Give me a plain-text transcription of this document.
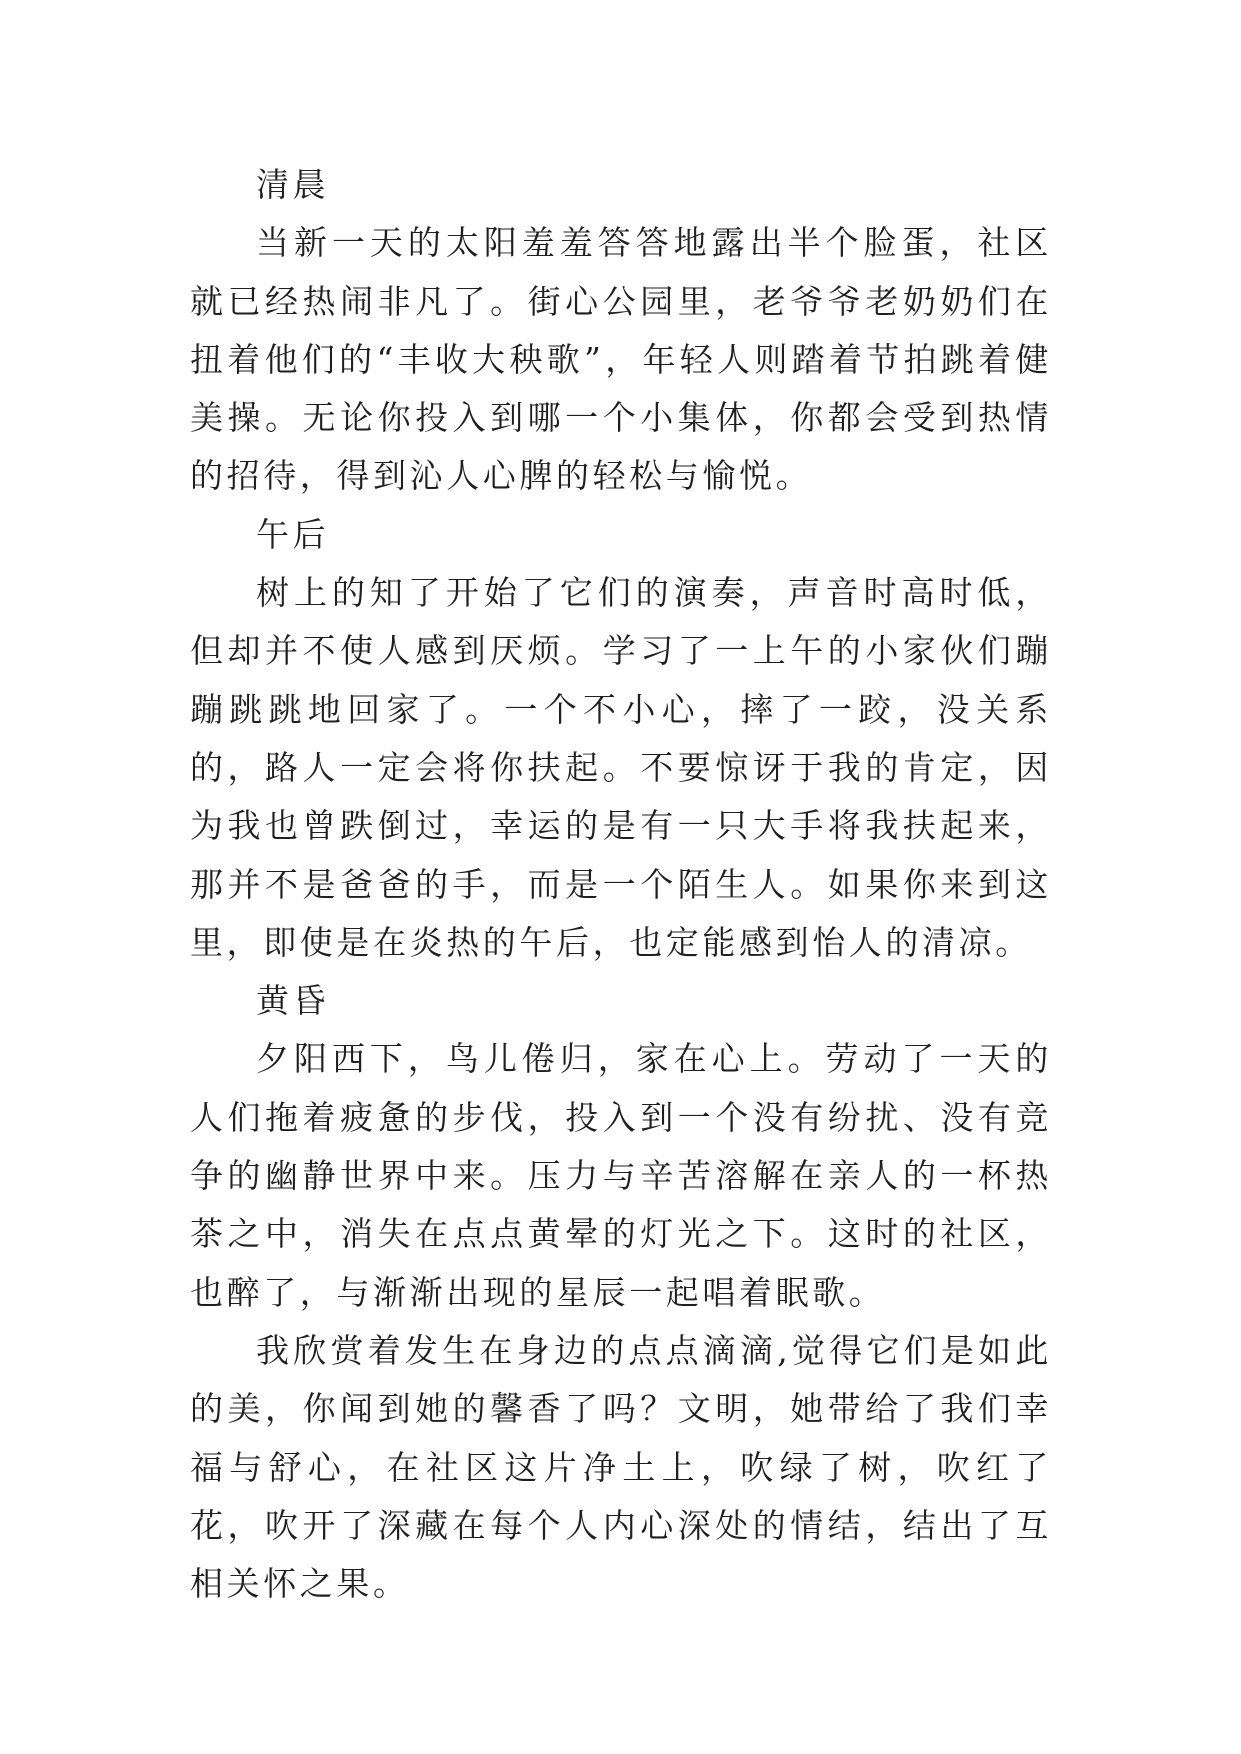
清晨

当新一天的太阳羞羞答答地露出半个脸蛋，社区就已经热闹非凡了。街心公园里，老爷爷老奶奶们在扭着他们的“丰收大秧歌”，年轻人则踏着节拍跳着健美操。无论你投入到哪一个小集体，你都会受到热情的招待，得到沁人心脾的轻松与愉悦。

午后

树上的知了开始了它们的演奏，声音时高时低，但却并不使人感到厌烦。学习了一上午的小家伙们蹦蹦跳跳地回家了。一个不小心，摔了一跤，没关系的，路人一定会将你扶起。不要惊讶于我的肯定，因为我也曾跌倒过，幸运的是有一只大手将我扶起来，那并不是爸爸的手，而是一个陌生人。如果你来到这里，即使是在炎热的午后，也定能感到怡人的清凉。

黄昏

夕阳西下，鸟儿倦归，家在心上。劳动了一天的人们拖着疲惫的步伐，投入到一个没有纷扰、没有竞争的幽静世界中来。压力与辛苦溶解在亲人的一杯热茶之中，消失在点点黄晕的灯光之下。这时的社区，也醉了，与渐渐出现的星辰一起唱着眠歌。

我欣赏着发生在身边的点点滴滴,觉得它们是如此的美，你闻到她的馨香了吗？文明，她带给了我们幸福与舒心，在社区这片净土上，吹绿了树，吹红了花，吹开了深藏在每个人内心深处的情结，结出了互相关怀之果。
